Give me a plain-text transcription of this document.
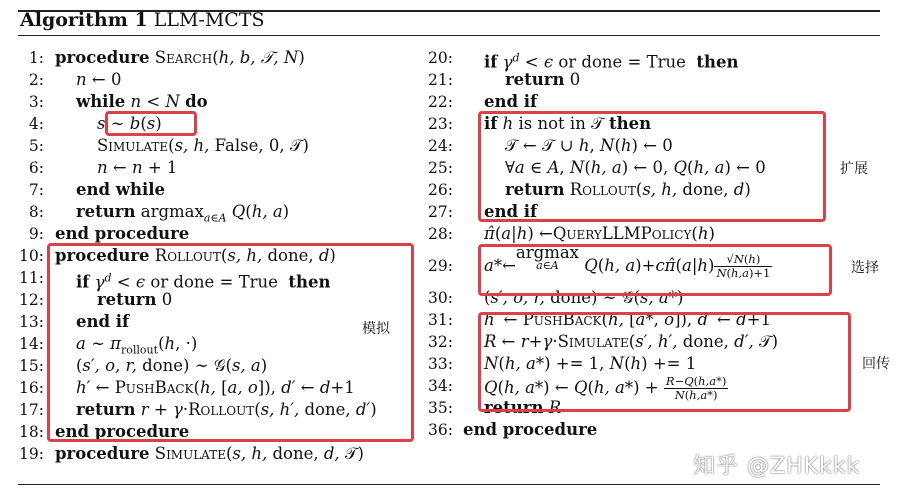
Algorithm 1 LLM-MCTS
1: procedure Search(h, b, 𝒯, N)
2:	n ← 0
3:	while n < N do
4:	s ∼ b(s)
5:	Simulate(s, h, False, 0, 𝒯)
6:	n ← n + 1
7:	end while
8:	return argmax$_{a\in A}$ Q(h, a)
9: end procedure
10: procedure Rollout(s, h, done, d)
11:	if $\gamma^d < \epsilon$ or done = True  then
12:	return 0
13:	end if
14:	a ∼ $\pi_{rollout}(h$, ·)
15: (s′, o, r, done) ∼ 𝒢(s, a)
16:	h′ ← PushBack(h, [a, o]), d′ ← d+1
17:	return r + γ·Rollout(s, h′, done, d′)
18: end procedure
19: procedure Simulate(s, h, done, d, 𝒯)
20:	if $\gamma^d < \epsilon$ or done = True  then
21:	return 0
22:	end if
23:	if h is not in 𝒯 then
24: 𝒯 ← 𝒯 ∪ h, N(h) ← 0
25: ∀a ∈ A, N(h, a) ← 0, Q(h, a) ← 0
26:	return Rollout(s, h, done, d)
27:	end if
28:	π̂(a|h) ←QueryLLMPolicy(h)
29:	a*←argmax
a∈A	Q(h, a)+cπ̂(a|h) $\frac{√N(h)}{N(h,a)+1}$
30: (s′, o, r, done) ∼ 𝒢(s, a*)
31:	h′ ← PushBack(h, [a*, o]), d′ ← d+1
32:	R ← r+γ·Simulate(s′, h′, done, d′, 𝒯)
33:	N(h, a*) += 1, N(h) += 1
34:	Q(h, a*) ← Q(h, $a*) + \frac{R-Q(h,a*)}{N(h,a*)}$
35:	return R
36: end procedure
扩展
选择
模拟
回传
知乎 @ZHKkkk
